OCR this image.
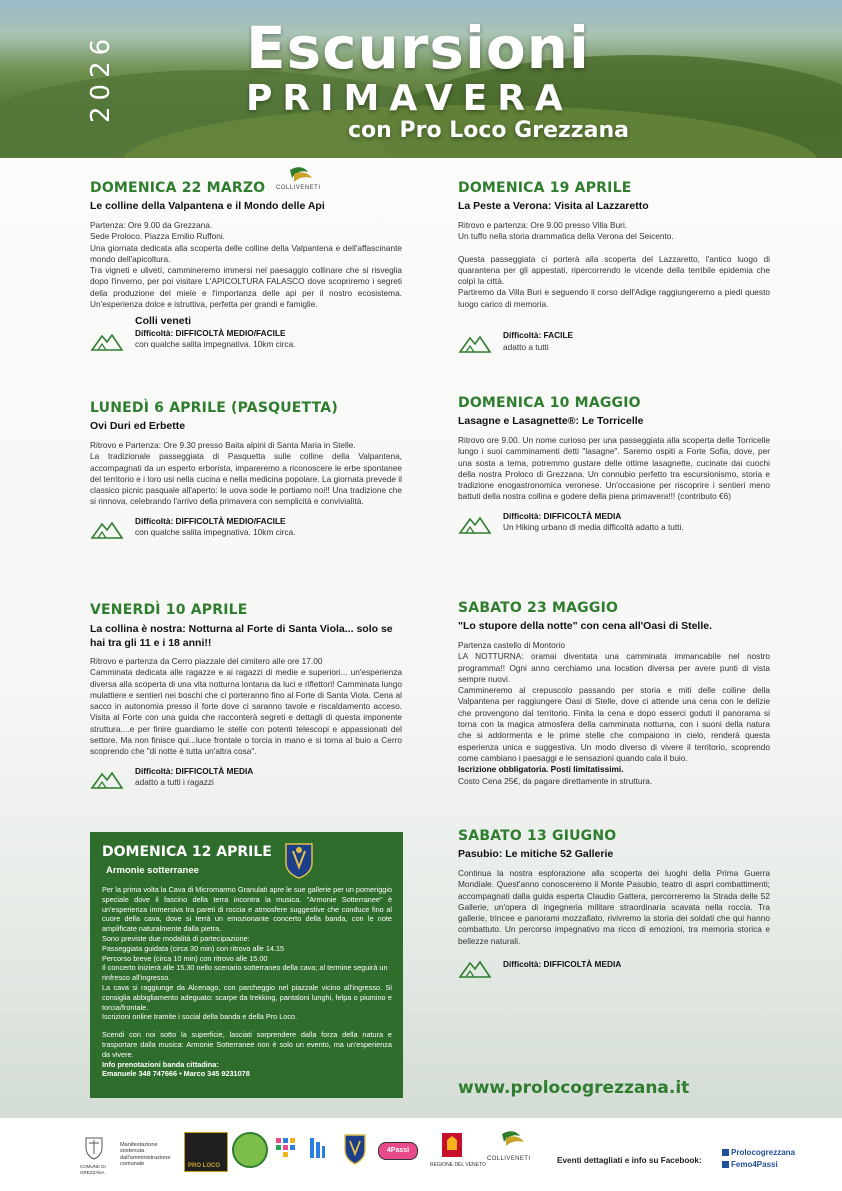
2026 Escursioni
PRIMAVERA
con Pro Loco Grezzana
COLLIVENETI
DOMENICA 22 MARZO
Le colline della Valpantena e il Mondo delle Api

Partenza: Ore 9.00 da Grezzana.

Sede Proloco. Piazza Emilio Ruffoni.

Una giornata dedicata alla scoperta delle colline della Valpantena e dell'affascinante mondo dell'apicoltura.

Tra vigneti e ulivetí, cammineremo immersi nel paesaggio collinare che si risveglia dopo l'inverno, per poi visitare L'APICOLTURA FALASCO dove scopriremo i segreti della produzione del miele e l'importanza delle api per il nostro ecosistema. Un'esperienza dolce e istruttiva, perfetta per grandi e famiglie.

Colli veneti
Difficoltà: DIFFICOLTÀ MEDIO/FACILE
con qualche salita impegnativa. 10km circa.
LUNEDÌ 6 APRILE (PASQUETTA)
Ovi Duri ed Erbette

Ritrovo e Partenza: Ore 9.30 presso Baita alpini di Santa Maria in Stelle.

La tradizionale passeggiata di Pasquetta sulle colline della Valpantena, accompagnati da un esperto erborista, impareremo a riconoscere le erbe spontanee del territorio e i loro usi nella cucina e nella medicina popolare. La giornata prevede il classico picnic pasquale all'aperto: le uova sode le portiamo noi!! Una tradizione che si rinnova, celebrando l'arrivo della primavera con semplicità e convivialità.

Difficoltà: DIFFICOLTÀ MEDIO/FACILE
con qualche salita impegnativa. 10km circa.
VENERDÌ 10 APRILE
La collina è nostra: Notturna al Forte di Santa Viola... solo se hai tra gli 11 e i 18 anni!!

Ritrovo e partenza da Cerro piazzale del cimitero alle ore 17.00

Camminata dedicata alle ragazze e ai ragazzi di medie e superiori... un'esperienza diversa alla scoperta di una vita notturna lontana da luci e riflettori! Camminata lungo mulattiere e sentieri nei boschi che ci porteranno fino al Forte di Santa Viola. Cena al sacco in autonomia presso il forte dove ci saranno tavole e riscaldamento acceso. Visita al Forte con una guida che racconterà segreti e dettagli di questa imponente struttura....e per finire guardiamo le stelle con potenti telescopi e appassionati del settore. Ma non finisce qui...luce frontale o torcia in mano e si torna al buio a Cerro scoprendo che "di notte è tutta un'altra cosa".

Difficoltà: DIFFICOLTÀ MEDIA
adatto a tutti i ragazzi
DOMENICA 12 APRILE
Armonie sotterranee
Per la prima volta la Cava di Micromarmo Granulati apre le sue gallerie per un pomeriggio speciale dove il fascino della terra incontra la musica. "Armonie Sotterranee" è un'esperienza immersiva tra pareti di roccia e atmosfere suggestive che conduce fino al cuore della cava, dove si terrà un emozionante concerto della banda, con le note amplificate naturalmente dalla pietra.
Sono previste due modalità di partecipazione:
Passeggiata guidata (circa 30 min) con ritrovo alle 14.15
Percorso breve (circa 10 min) con ritrovo alle 15.00
Il concerto inizierà alle 15.30 nello scenario sotterraneo della cava; al termine seguirà un rinfresco all'ingresso.
La cava si raggiunge da Alcenago, con parcheggio nel piazzale vicino all'ingresso. Si consiglia abbigliamento adeguato: scarpe da trekking, pantaloni lunghi, felpa o piumino e torcia/frontale.
Iscrizioni online tramite i social della banda e della Pro Loco.
Scendi con noi sotto la superficie, lasciati sorprendere dalla forza della natura e trasportare dalla musica: Armonie Sotterranee non è solo un evento, ma un'esperienza da vivere.
Info prenotazioni banda cittadina:
Emanuele 348 747666 • Marco 345 9231078
DOMENICA 19 APRILE
La Peste a Verona: Visita al Lazzaretto

Ritrovo e partenza: Ore 9.00 presso Villa Buri.

Un tuffo nella storia drammatica della Verona del Seicento.

Questa passeggiata ci porterà alla scoperta del Lazzaretto, l'antico luogo di quarantena per gli appestati, ripercorrendo le vicende della terribile epidemia che colpì la città.

Partiremo da Villa Buri e seguendo il corso dell'Adige raggiungeremo a piedi questo luogo carico di memoria.

Difficoltà: FACILE
adatto a tutti
DOMENICA 10 MAGGIO
Lasagne e Lasagnette®: Le Torricelle

Ritrovo ore 9.00. Un nome curioso per una passeggiata alla scoperta delle Torricelle lungo i suoi camminamenti detti "lasagne". Saremo ospiti a Forte Sofia, dove, per una sosta a tema, potremmo gustare delle ottime lasagnette, cucinate dai cuochi della nostra Proloco di Grezzana. Un connubio perfetto tra escursionismo, storia e tradizione enogastronomica veronese. Un'occasione per riscoprire i sentieri meno battuti della nostra collina e godere della piena primavera!!! (contributo €6)

Difficoltà: DIFFICOLTÀ MEDIA
Un Hiking urbano di media difficoltà adatto a tutti.
SABATO 23 MAGGIO
"Lo stupore della notte" con cena all'Oasi di Stelle.

Partenza castello di Montorio

LA NOTTURNA: oramai diventata una camminata immancabile nel nostro programma!! Ogni anno cerchiamo una location diversa per avere punti di vista sempre nuovi.

Cammineremo al crepuscolo passando per storia e miti delle colline della Valpantena per raggiungere Oasi di Stelle, dove ci attende una cena con le delizie che provengono dal territorio. Finita la cena e dopo esserci goduti il panorama si torna con la magica atmosfera della camminata notturna, con i suoni della natura che si addormenta e le prime stelle che compaiono in cielo, renderà questa esperienza unica e suggestiva. Un modo diverso di vivere il territorio, scoprendo come cambiano i paesaggi e le sensazioni quando cala il buio.

Iscrizione obbligatoria. Posti limitatissimi.

Costo Cena 25€, da pagare direttamente in struttura.

SABATO 13 GIUGNO
Pasubio: Le mitiche 52 Gallerie

Continua la nostra esplorazione alla scoperta dei luoghi della Prima Guerra Mondiale. Quest'anno conosceremo il Monte Pasubio, teatro di aspri combattimenti; accompagnati dalla guida esperta Claudio Gattera, percorreremo la Strada delle 52 Gallerie, un'opera di ingegneria militare straordinaria scavata nella roccia. Tra gallerie, trincee e panorami mozzafiato, rivivremo la storia dei soldati che qui hanno combattuto. Un percorso impegnativo ma ricco di emozioni, tra memoria storica e bellezze naturali.

Difficoltà: DIFFICOLTÀ MEDIA
www.prolocogrezzana.it
COMUNE DI GREZZANA
Manifestazione sostenuta dall'amministrazione comunale	PRO LOCO
4Passi
REGIONE DEL VENETO
COLLIVENETI	Eventi dettagliati e info su Facebook:
Prolocogrezzana
Femo4Passi
